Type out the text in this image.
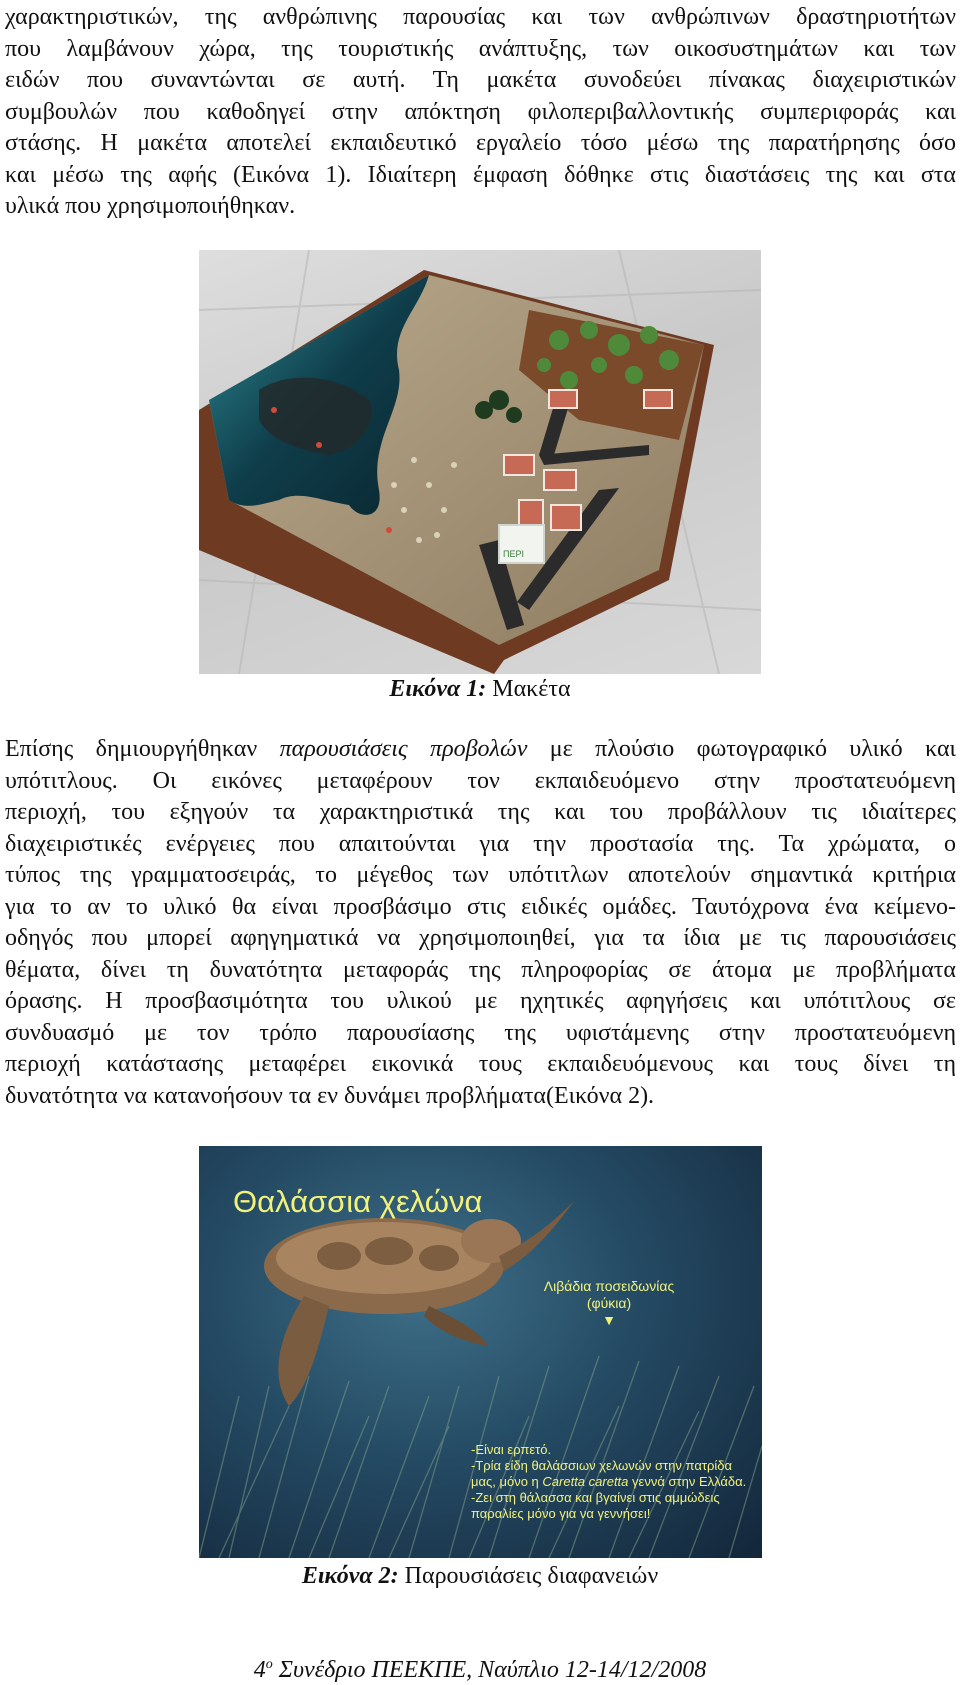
χαρακτηριστικών, της ανθρώπινης παρουσίας και των ανθρώπινων δραστηριοτήτων
που λαμβάνουν χώρα, της τουριστικής ανάπτυξης, των οικοσυστημάτων και των
ειδών που συναντώνται σε αυτή. Τη μακέτα συνοδεύει πίνακας διαχειριστικών
συμβουλών που καθοδηγεί στην απόκτηση φιλοπεριβαλλοντικής συμπεριφοράς και
στάσης. Η μακέτα αποτελεί εκπαιδευτικό εργαλείο τόσο μέσω της παρατήρησης όσο
και μέσω της αφής (Εικόνα 1). Ιδιαίτερη έμφαση δόθηκε στις διαστάσεις της και στα
υλικά που χρησιμοποιήθηκαν.
ΠΕΡΙ
Εικόνα 1: Μακέτα
Επίσης δημιουργήθηκαν παρουσιάσεις προβολών με πλούσιο φωτογραφικό υλικό και
υπότιτλους. Οι εικόνες μεταφέρουν τον εκπαιδευόμενο στην προστατευόμενη
περιοχή, του εξηγούν τα χαρακτηριστικά της και του προβάλλουν τις ιδιαίτερες
διαχειριστικές ενέργειες που απαιτούνται για την προστασία της. Τα χρώματα, ο
τύπος της γραμματοσειράς, το μέγεθος των υπότιτλων αποτελούν σημαντικά κριτήρια
για το αν το υλικό θα είναι προσβάσιμο στις ειδικές ομάδες. Ταυτόχρονα ένα κείμενο-
οδηγός που μπορεί αφηγηματικά να χρησιμοποιηθεί, για τα ίδια με τις παρουσιάσεις
θέματα, δίνει τη δυνατότητα μεταφοράς της πληροφορίας σε άτομα με προβλήματα
όρασης. Η προσβασιμότητα του υλικού με ηχητικές αφηγήσεις και υπότιτλους σε
συνδυασμό με τον τρόπο παρουσίασης της υφιστάμενης στην προστατευόμενη
περιοχή κατάστασης μεταφέρει εικονικά τους εκπαιδευόμενους και τους δίνει τη
δυνατότητα να κατανοήσουν τα εν δυνάμει προβλήματα(Εικόνα 2).
Θαλάσσια χελώνα
Λιβάδια ποσειδωνίας
(φύκια)
▼
-Είναι ερπετό.
-Τρία είδη θαλάσσιων χελωνών στην πατρίδα μας, μόνο η Caretta caretta γεννά στην Ελλάδα.
-Ζει στη θάλασσα και βγαίνει στις αμμώδεις παραλίες μόνο για να γεννήσει!
Εικόνα 2: Παρουσιάσεις διαφανειών
$4^o$ Συνέδριο ΠΕΕΚΠΕ, Ναύπλιο 12-14/12/2008
